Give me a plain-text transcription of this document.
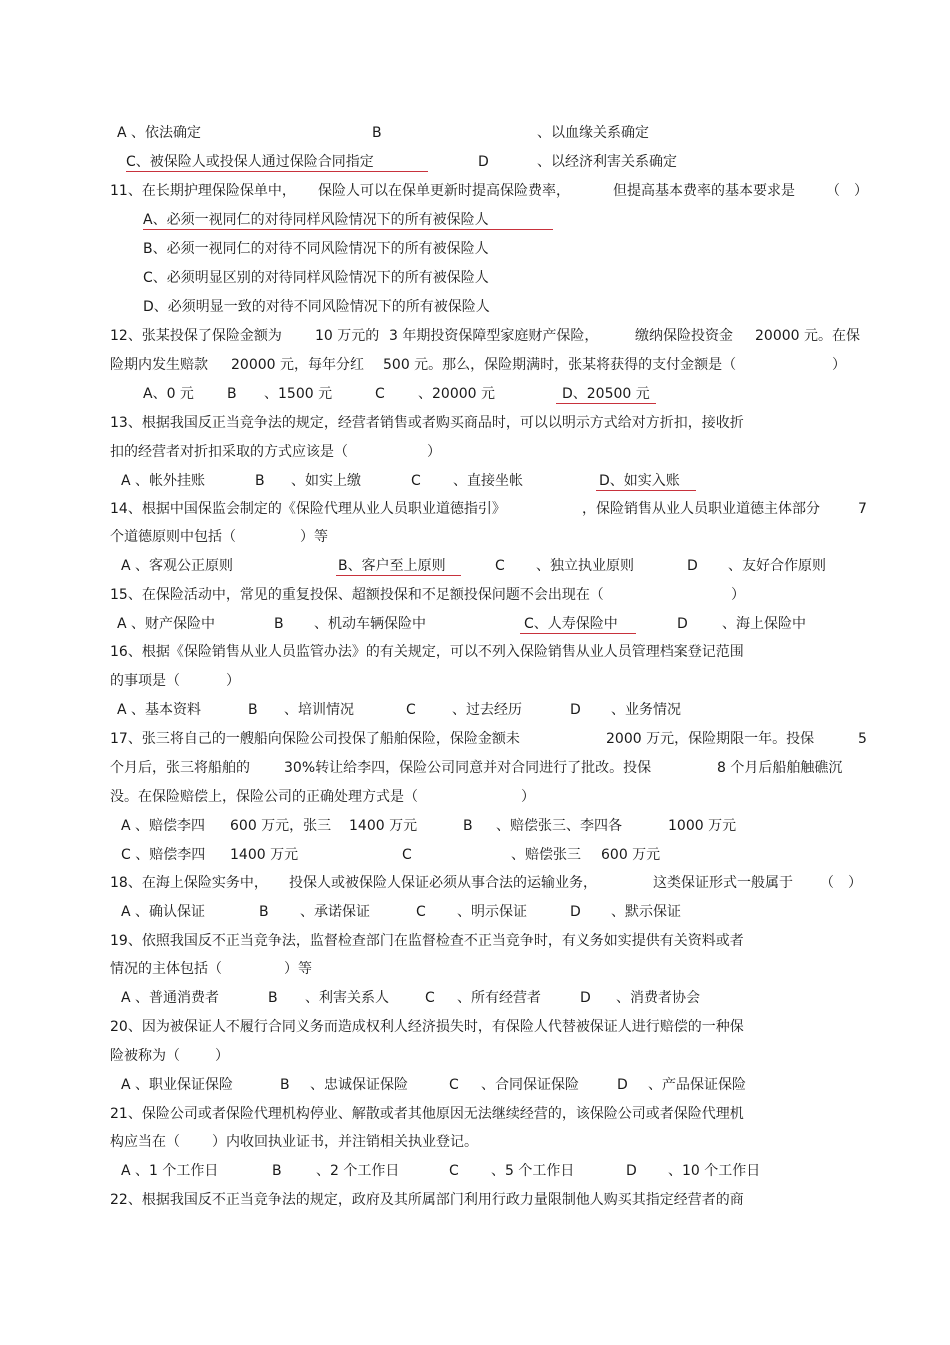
A 、依法确定	B	、以血缘关系确定
C、被保险人或投保人通过保险合同指定	D	、以经济利害关系确定
11、在长期护理保险保单中， 保险人可以在保单更新时提高保险费率，	但提高基本费率的基本要求是 （　）
A、必须一视同仁的对待同样风险情况下的所有被保险人
B、必须一视同仁的对待不同风险情况下的所有被保险人
C、必须明显区别的对待同样风险情况下的所有被保险人
D、必须明显一致的对待不同风险情况下的所有被保险人
12、张某投保了保险金额为 10 万元的 3 年期投资保障型家庭财产保险，	缴纳保险投资金 20000 元。在保
险期内发生赔款 20000 元，每年分红 500 元。那么，保险期满时，张某将获得的支付金额是（	）
A、0 元 B 、1500 元	C 、20000 元	D、20500 元
13、根据我国反正当竞争法的规定，经营者销售或者购买商品时，可以以明示方式给对方折扣，接收折
扣的经营者对折扣采取的方式应该是（	）
A 、帐外挂账	B 、如实上缴	C 、直接坐帐	D、如实入账
14、根据中国保监会制定的《保险代理从业人员职业道德指引》	，保险销售从业人员职业道德主体部分	7
个道德原则中包括（	）等
A 、客观公正原则	B、客户至上原则	C 、独立执业原则	D 、友好合作原则
15、在保险活动中，常见的重复投保、超额投保和不足额投保问题不会出现在（	）
A 、财产保险中	B 、机动车辆保险中	C、人寿保险中	D 、海上保险中
16、根据《保险销售从业人员监管办法》的有关规定，可以不列入保险销售从业人员管理档案登记范围
的事项是（	）
A 、基本资料	B 、培训情况	C	、过去经历	D 、业务情况
17、张三将自己的一艘船向保险公司投保了船舶保险，保险金额未	2000 万元，保险期限一年。投保	5
个月后，张三将船舶的 30%转让给李四，保险公司同意并对合同进行了批改。投保	8 个月后船舶触礁沉
没。在保险赔偿上，保险公司的正确处理方式是（	）
A 、赔偿李四 600 万元，张三 1400 万元	B 、赔偿张三、李四各	1000 万元
C 、赔偿李四 1400 万元	C	、赔偿张三 600 万元
18、在海上保险实务中， 投保人或被保险人保证必须从事合法的运输业务，	这类保证形式一般属于 （　）
A 、确认保证	B 、承诺保证	C 、明示保证	D 、默示保证
19、依照我国反不正当竞争法，监督检查部门在监督检查不正当竞争时，有义务如实提供有关资料或者
情况的主体包括（	）等
A 、普通消费者	B 、利害关系人	C 、所有经营者	D 、消费者协会
20、因为被保证人不履行合同义务而造成权利人经济损失时，有保险人代替被保证人进行赔偿的一种保
险被称为（	）
A 、职业保证保险	B 、忠诚保证保险	C 、合同保证保险	D 、产品保证保险
21、保险公司或者保险代理机构停业、解散或者其他原因无法继续经营的，该保险公司或者保险代理机
构应当在（ ）内收回执业证书，并注销相关执业登记。
A 、1 个工作日	B 、2 个工作日	C 、5 个工作日	D 、10 个工作日
22、根据我国反不正当竞争法的规定，政府及其所属部门利用行政力量限制他人购买其指定经营者的商
